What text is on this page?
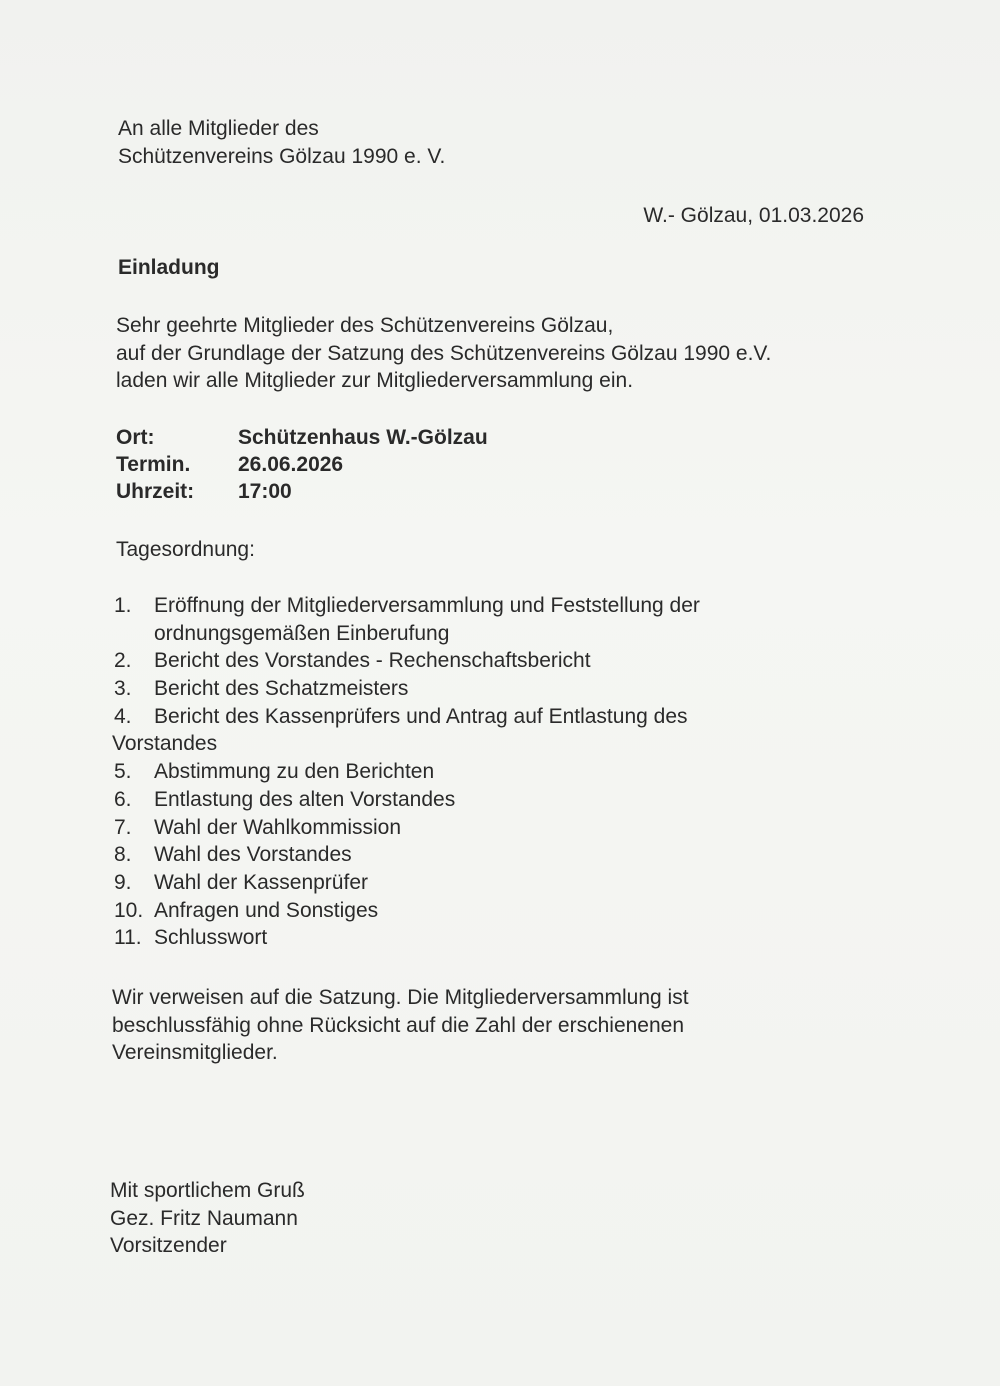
An alle Mitglieder des
Schützenvereins Gölzau 1990 e. V.
W.- Gölzau, 01.03.2026
Einladung
Sehr geehrte Mitglieder des Schützenvereins Gölzau,
auf der Grundlage der Satzung des Schützenvereins Gölzau 1990 e.V.
laden wir alle Mitglieder zur Mitgliederversammlung ein.
Ort:	Schützenhaus W.-Gölzau
Termin.	26.06.2026
Uhrzeit:	17:00
Tagesordnung:
1.	Eröffnung der Mitgliederversammlung und Feststellung der
ordnungsgemäßen Einberufung
2.	Bericht des Vorstandes - Rechenschaftsbericht
3.	Bericht des Schatzmeisters
4.	Bericht des Kassenprüfers und Antrag auf Entlastung des
Vorstandes
5.	Abstimmung zu den Berichten
6.	Entlastung des alten Vorstandes
7.	Wahl der Wahlkommission
8.	Wahl des Vorstandes
9.	Wahl der Kassenprüfer
10. Anfragen und Sonstiges
11. Schlusswort
Wir verweisen auf die Satzung. Die Mitgliederversammlung ist
beschlussfähig ohne Rücksicht auf die Zahl der erschienenen
Vereinsmitglieder.
Mit sportlichem Gruß
Gez. Fritz Naumann
Vorsitzender
